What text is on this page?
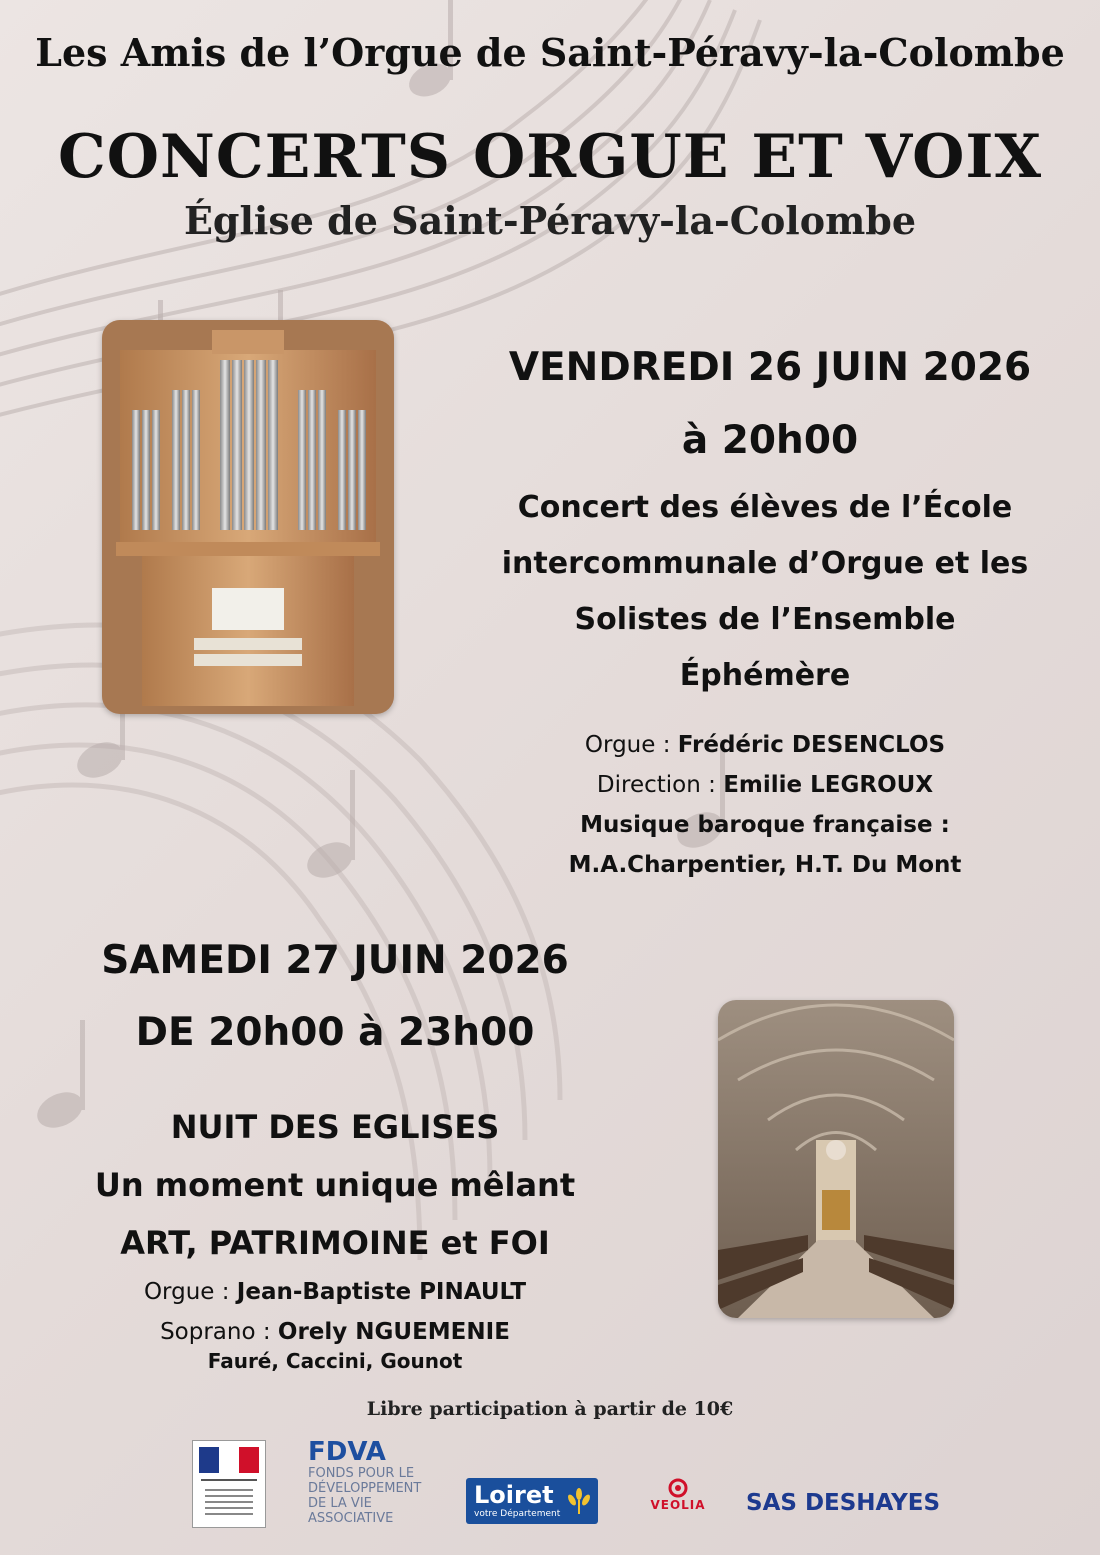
Les Amis de l’Orgue de Saint-Péravy-la-Colombe
CONCERTS ORGUE ET VOIX
Église de Saint-Péravy-la-Colombe
VENDREDI 26 JUIN 2026
à 20h00
Concert des élèves de l’École
intercommunale d’Orgue et les
Solistes de l’Ensemble
Éphémère
Orgue : Frédéric DESENCLOS
Direction : Emilie LEGROUX
Musique baroque française :
M.A.Charpentier, H.T. Du Mont
SAMEDI 27 JUIN 2026
DE 20h00 à 23h00
NUIT DES EGLISES
Un moment unique mêlant
ART, PATRIMOINE et FOI
Orgue : Jean-Baptiste PINAULT
Soprano : Orely NGUEMENIE
Fauré, Caccini, Gounot
Libre participation à partir de 10€
FDVA
FONDS POUR LE
DÉVELOPPEMENT
DE LA VIE
ASSOCIATIVE
Loiret
votre Département
VEOLIA	SAS DESHAYES
